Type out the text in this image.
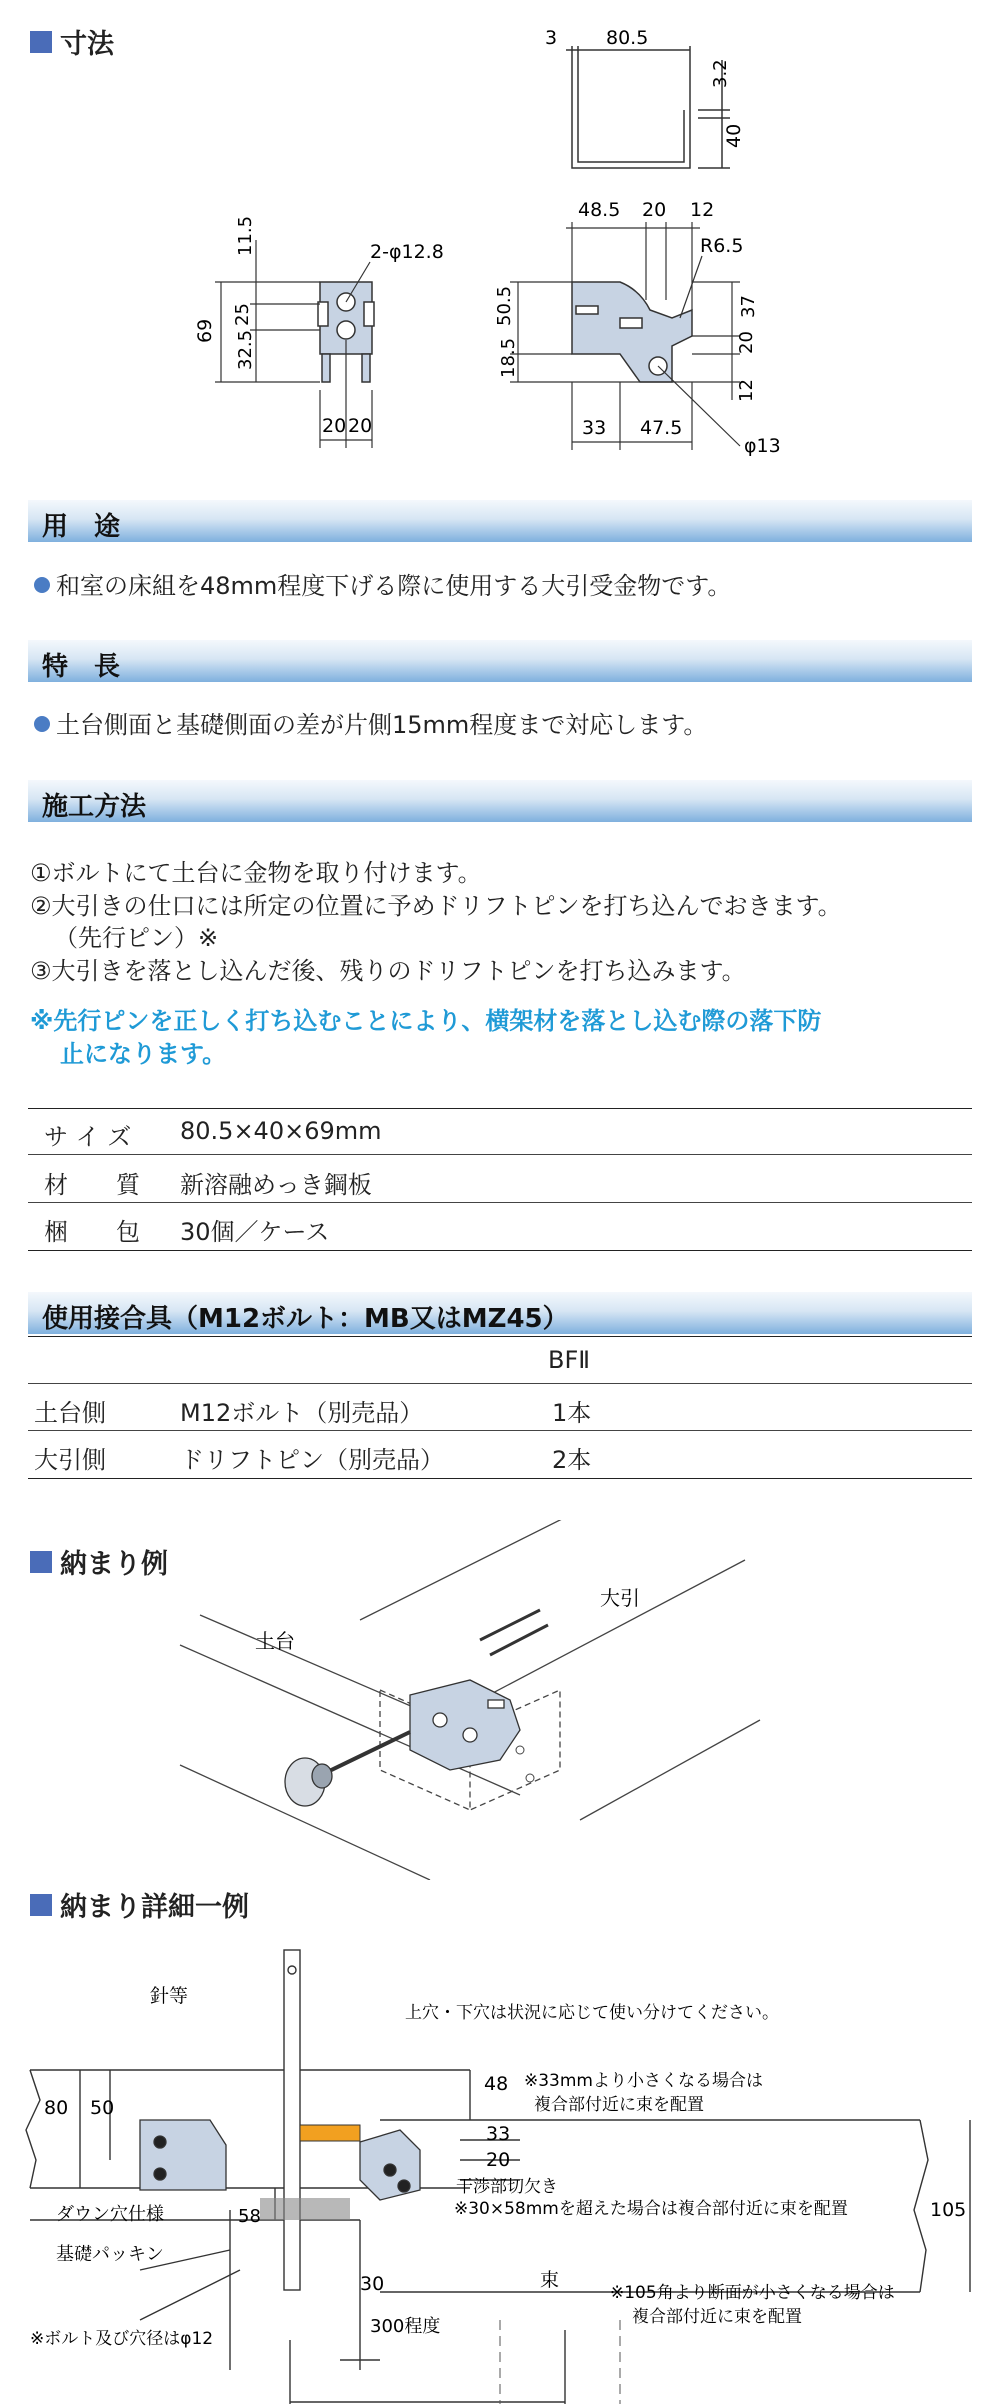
寸法	3	80.5
3.2
40
11.5
25
32.5
69
2-φ12.8
20 20
48.5 20 12
R6.5
50.5
18.5
37
20
12
33 47.5
φ13
用　途
和室の床組を48mm程度下げる際に使用する大引受金物です。
特　長
土台側面と基礎側面の差が片側15mm程度まで対応します。
施工方法
①ボルトにて土台に金物を取り付けます。
②大引きの仕口には所定の位置に予めドリフトピンを打ち込んでおきます。
（先行ピン）※
③大引きを落とし込んだ後、残りのドリフトピンを打ち込みます。
※先行ピンを正しく打ち込むことにより、横架材を落とし込む際の落下防
止になります。
サ イ ズ 80.5×40×69mm
材　　質 新溶融めっき鋼板
梱　　包 30個／ケース
使用接合具（M12ボルト：MB又はMZ45）
BFⅡ
土台側	M12ボルト（別売品）	1本
大引側	ドリフトピン（別売品）	2本
納まり例
土台
大引
納まり詳細一例
針等
上穴・下穴は状況に応じて使い分けてください。
80 50
48 ※33mmより小さくなる場合は
複合部付近に束を配置
33
20
干渉部切欠き
※30×58mmを超えた場合は複合部付近に束を配置	105
ダウン穴仕様	58
基礎パッキン
束
30	※105角より断面が小さくなる場合は
複合部付近に束を配置
300程度
※ボルト及び穴径はφ12
